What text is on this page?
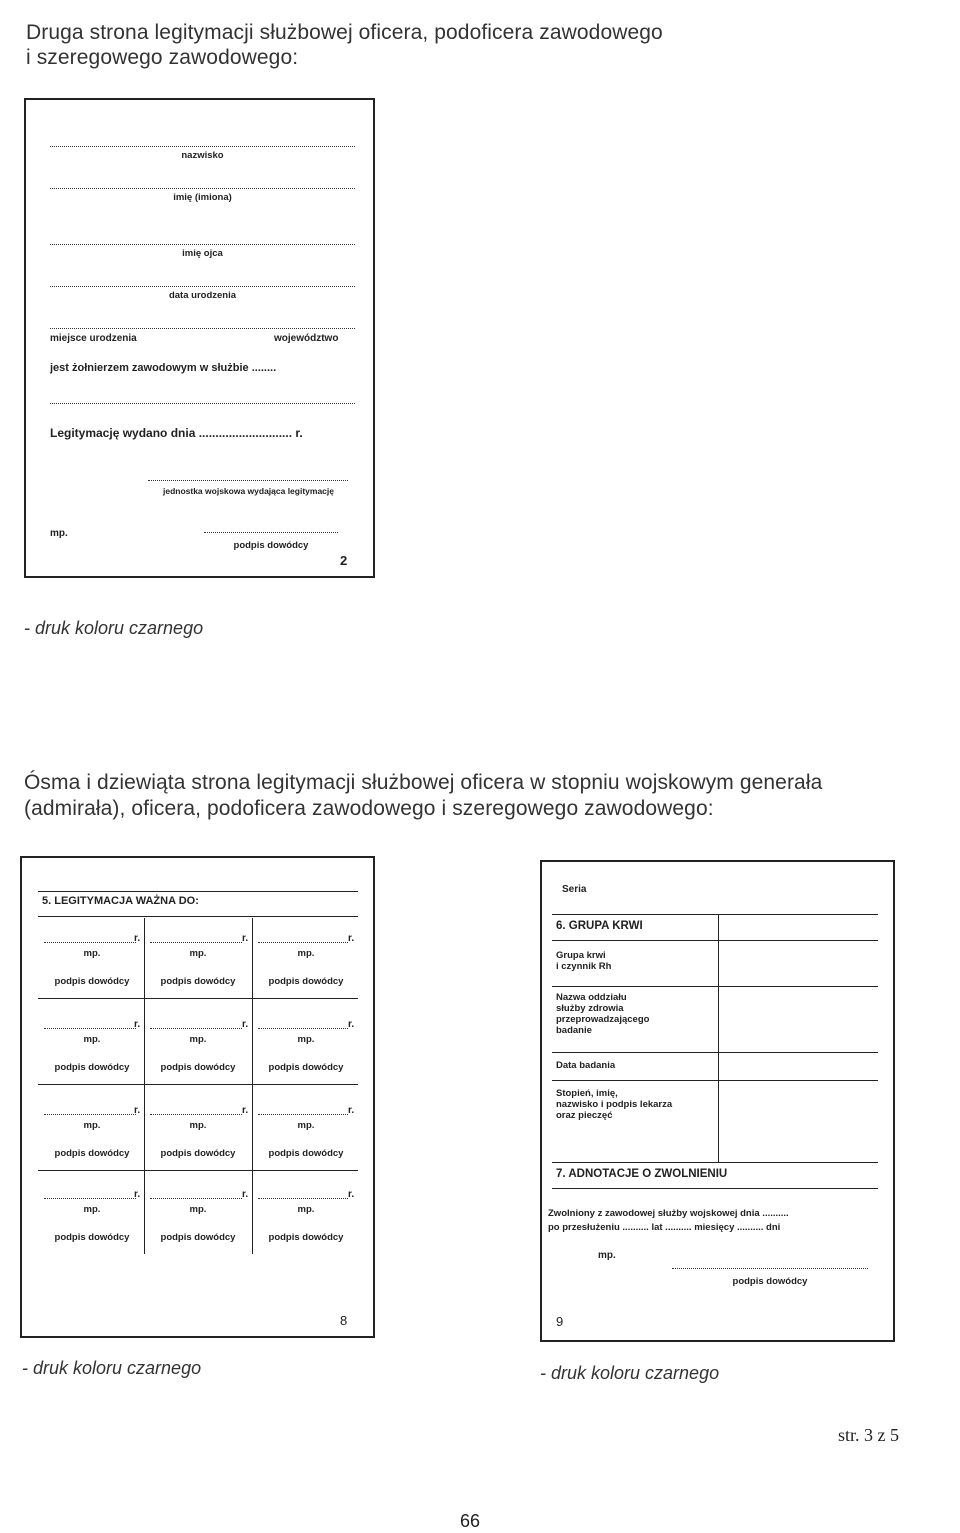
Druga strona legitymacji służbowej oficera, podoficera zawodowego
i szeregowego zawodowego:
nazwisko
imię (imiona)
imię ojca
data urodzenia
miejsce urodzenia	województwo
jest żołnierzem zawodowym w służbie ........
Legitymację wydano dnia ............................ r.
jednostka wojskowa wydająca legitymację
mp.
podpis dowódcy
2
- druk koloru czarnego
Ósma i dziewiąta strona legitymacji służbowej oficera w stopniu wojskowym generała
(admirała), oficera, podoficera zawodowego i szeregowego zawodowego:
5. LEGITYMACJA WAŻNA DO:
r.	r.	r.
mp.	mp.	mp.
podpis dowódcy	podpis dowódcy	podpis dowódcy
r.	r.	r.
mp.	mp.	mp.
podpis dowódcy	podpis dowódcy	podpis dowódcy
r.	r.	r.
mp.	mp.	mp.
podpis dowódcy	podpis dowódcy	podpis dowódcy
r.	r.	r.
mp.	mp.	mp.
podpis dowódcy	podpis dowódcy	podpis dowódcy
8
- druk koloru czarnego
Seria
6. GRUPA KRWI
Grupa krwi
i czynnik Rh
Nazwa oddziału
służby zdrowia
przeprowadzającego
badanie
Data badania
Stopień, imię,
nazwisko i podpis lekarza
oraz pieczęć
7. ADNOTACJE O ZWOLNIENIU
Zwolniony z zawodowej służby wojskowej dnia ..........
po przesłużeniu .......... lat .......... miesięcy .......... dni
mp.
podpis dowódcy
9
- druk koloru czarnego
str. 3 z 5
66
